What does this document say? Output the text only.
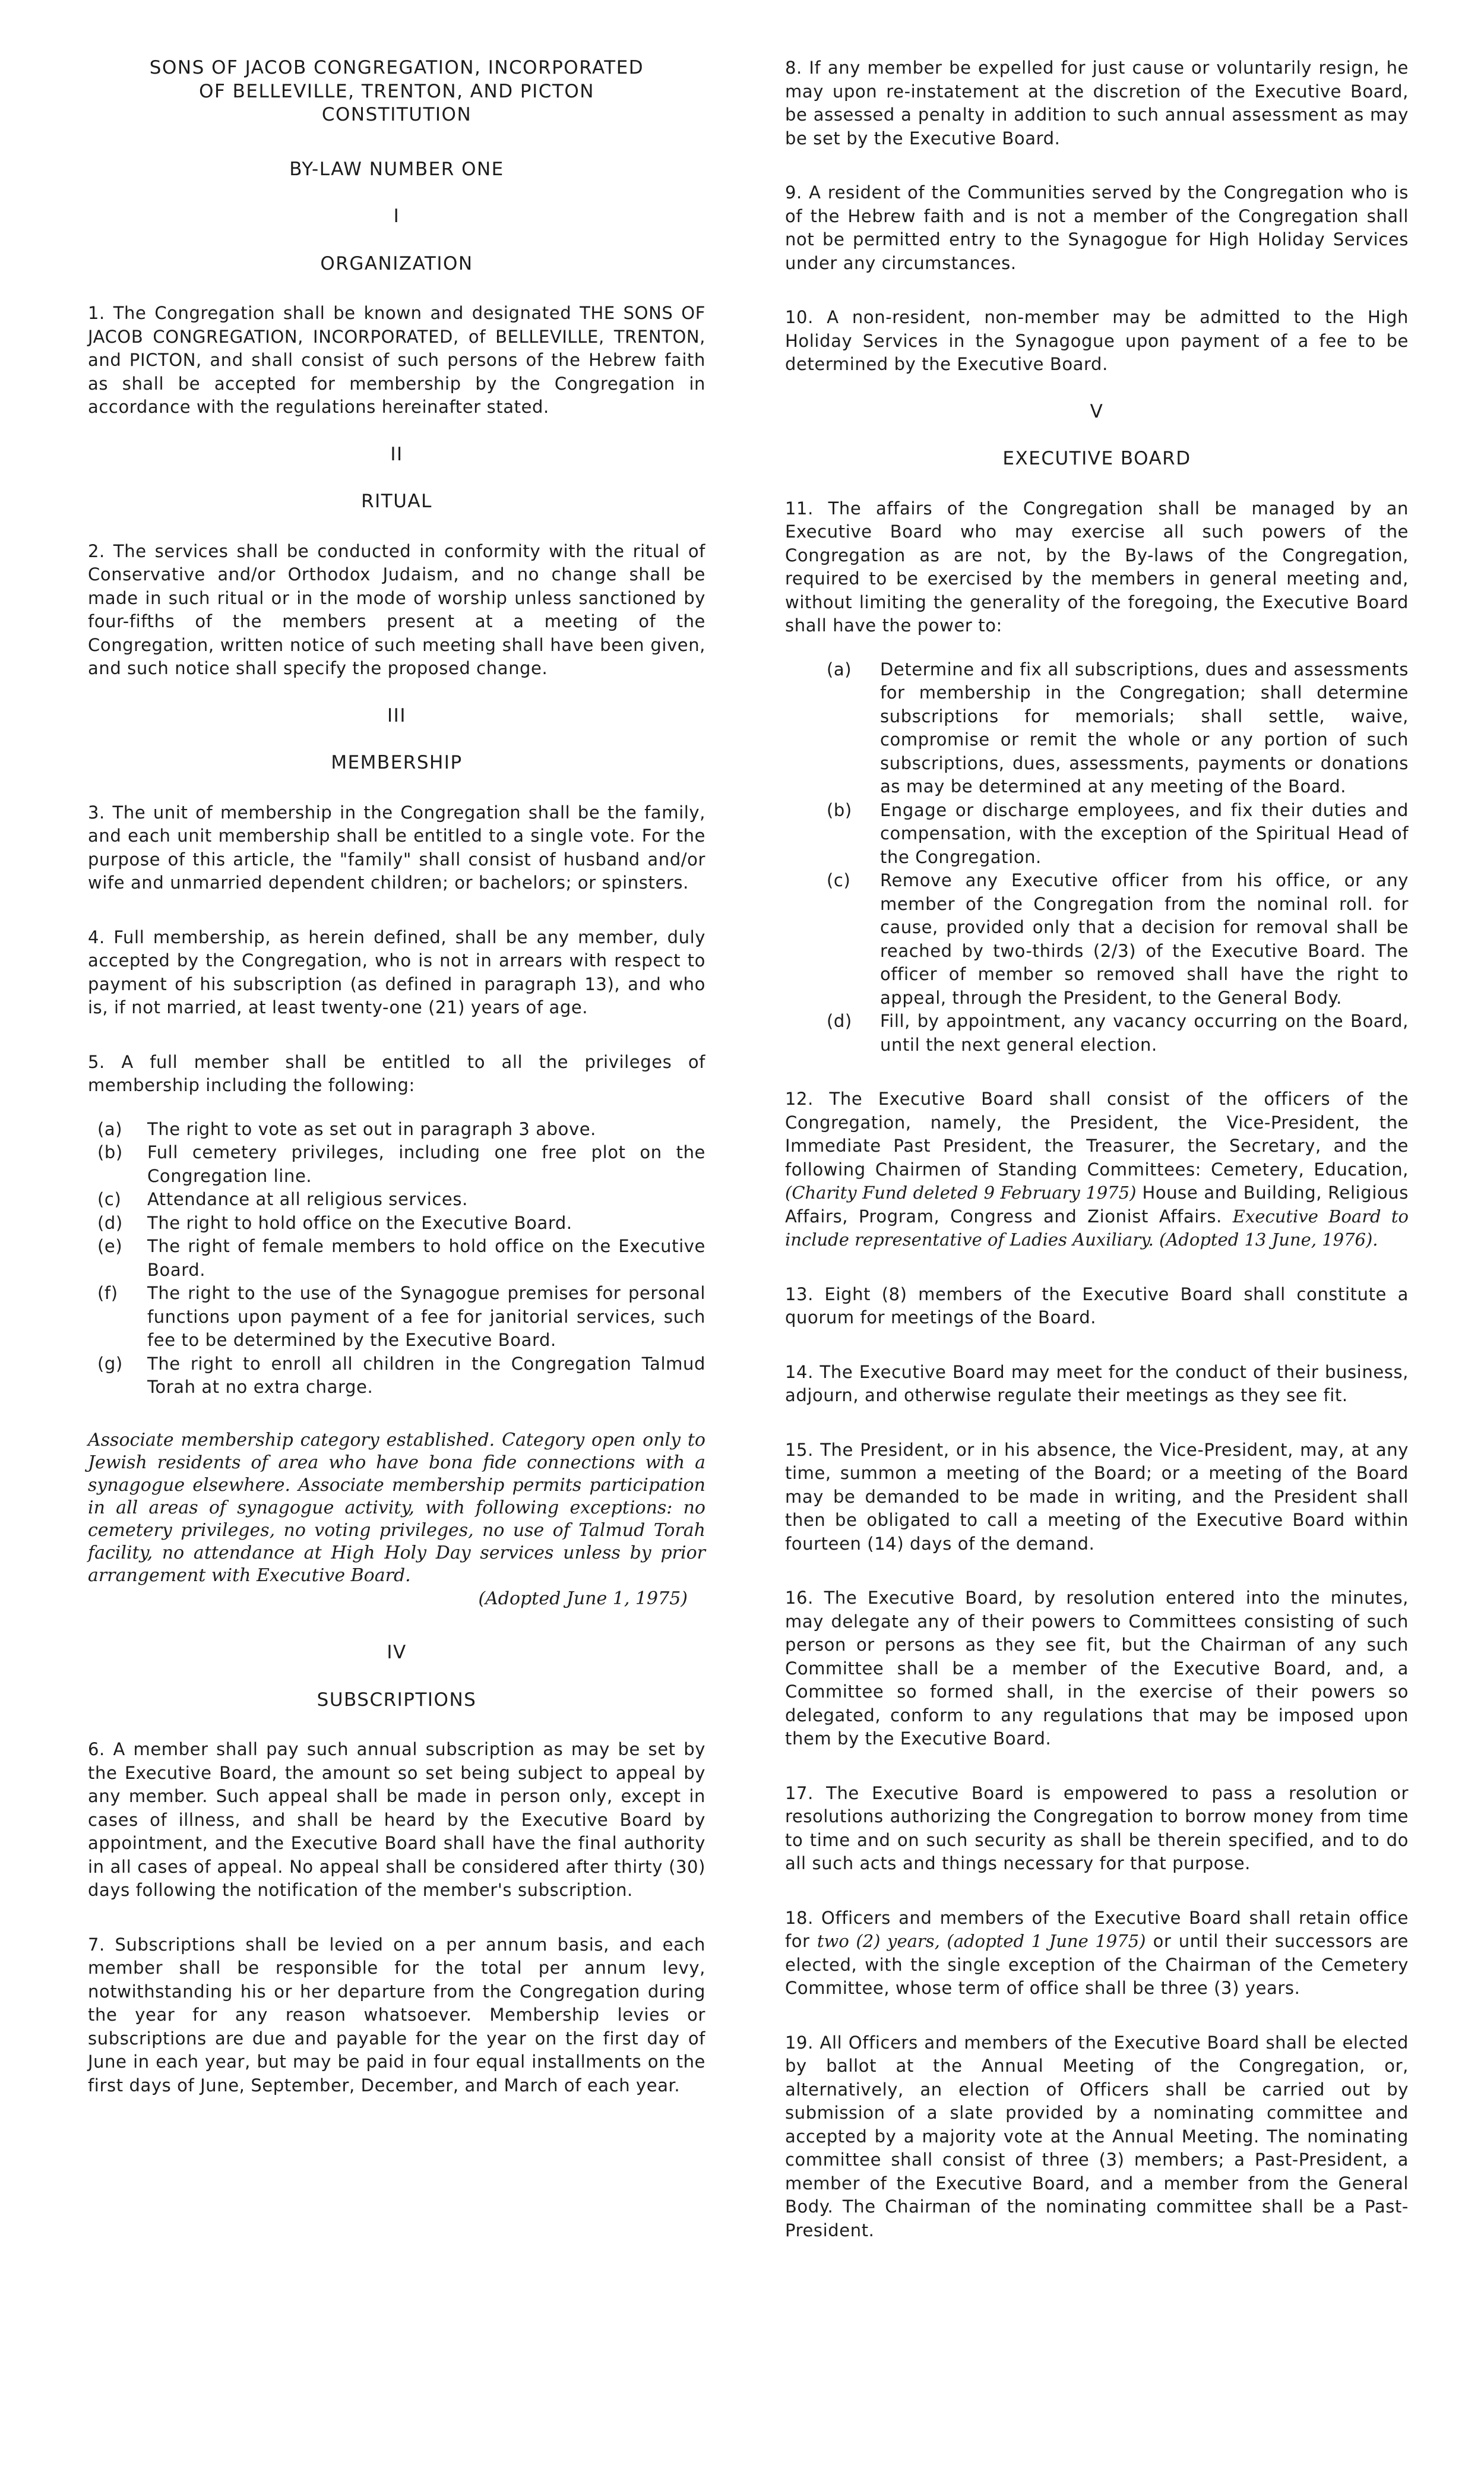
SONS OF JACOB CONGREGATION, INCORPORATED
OF BELLEVILLE, TRENTON, AND PICTON
CONSTITUTION
BY-LAW NUMBER ONE
I
ORGANIZATION
1. The Congregation shall be known and designated THE SONS OF JACOB CONGREGATION, INCORPORATED, of BELLEVILLE, TRENTON, and PICTON, and shall consist of such persons of the Hebrew faith as shall be accepted for membership by the Congregation in accordance with the regulations hereinafter stated.
II
RITUAL
2. The services shall be conducted in conformity with the ritual of Conservative and/or Orthodox Judaism, and no change shall be made in such ritual or in the mode of worship unless sanctioned by four-fifths of the members present at a meeting of the Congregation, written notice of such meeting shall have been given, and such notice shall specify the proposed change.
III
MEMBERSHIP
3. The unit of membership in the Congregation shall be the family, and each unit membership shall be entitled to a single vote. For the purpose of this article, the "family" shall consist of husband and/or wife and unmarried dependent children; or bachelors; or spinsters.
4. Full membership, as herein defined, shall be any member, duly accepted by the Congregation, who is not in arrears with respect to payment of his subscription (as defined in paragraph 13), and who is, if not married, at least twenty-one (21) years of age.
5. A full member shall be entitled to all the privileges of membership including the following:
(a)	The right to vote as set out in paragraph 3 above.
(b)	Full cemetery privileges, including one free plot on the Congregation line.
(c)	Attendance at all religious services.
(d)	The right to hold office on the Executive Board.
(e)	The right of female members to hold office on the Executive Board.
(f)	The right to the use of the Synagogue premises for personal functions upon payment of a fee for janitorial services, such fee to be determined by the Executive Board.
(g)	The right to enroll all children in the Congregation Talmud Torah at no extra charge.
Associate membership category established. Category open only to Jewish residents of area who have bona fide connections with a synagogue elsewhere. Associate membership permits participation in all areas of synagogue activity, with following exceptions: no cemetery privileges, no voting privileges, no use of Talmud Torah facility, no attendance at High Holy Day services unless by prior arrangement with Executive Board.
(Adopted June 1, 1975)
IV
SUBSCRIPTIONS
6. A member shall pay such annual subscription as may be set by the Executive Board, the amount so set being subject to appeal by any member. Such appeal shall be made in person only, except in cases of illness, and shall be heard by the Executive Board by appointment, and the Executive Board shall have the final authority in all cases of appeal. No appeal shall be considered after thirty (30) days following the notification of the member's subscription.
7. Subscriptions shall be levied on a per annum basis, and each member shall be responsible for the total per annum levy, notwithstanding his or her departure from the Congregation during the year for any reason whatsoever. Membership levies or subscriptions are due and payable for the year on the first day of June in each year, but may be paid in four equal installments on the first days of June, September, December, and March of each year.
8. If any member be expelled for just cause or voluntarily resign, he may upon re-instatement at the discretion of the Executive Board, be assessed a penalty in addition to such annual assessment as may be set by the Executive Board.
9. A resident of the Communities served by the Congregation who is of the Hebrew faith and is not a member of the Congregation shall not be permitted entry to the Synagogue for High Holiday Services under any circumstances.
10. A non-resident, non-member may be admitted to the High Holiday Services in the Synagogue upon payment of a fee to be determined by the Executive Board.
V
EXECUTIVE BOARD
11. The affairs of the Congregation shall be managed by an Executive Board who may exercise all such powers of the Congregation as are not, by the By-laws of the Congregation, required to be exercised by the members in general meeting and, without limiting the generality of the foregoing, the Executive Board shall have the power to:
(a)	Determine and fix all subscriptions, dues and assessments for membership in the Congregation; shall determine subscriptions for memorials; shall settle, waive, compromise or remit the whole or any portion of such subscriptions, dues, assessments, payments or donations as may be determined at any meeting of the Board.
(b)	Engage or discharge employees, and fix their duties and compensation, with the exception of the Spiritual Head of the Congregation.
(c)	Remove any Executive officer from his office, or any member of the Congregation from the nominal roll. for cause, provided only that a decision for removal shall be reached by two-thirds (2/3) of the Executive Board. The officer of member so removed shall have the right to appeal, through the President, to the General Body.
(d)	Fill, by appointment, any vacancy occurring on the Board, until the next general election.
12. The Executive Board shall consist of the officers of the Congregation, namely, the President, the Vice-President, the Immediate Past President, the Treasurer, the Secretary, and the following Chairmen of Standing Committees: Cemetery, Education, (Charity Fund deleted 9 February 1975) House and Building, Religious Affairs, Program, Congress and Zionist Affairs. Executive Board to include representative of Ladies Auxiliary. (Adopted 13 June, 1976).
13. Eight (8) members of the Executive Board shall constitute a quorum for meetings of the Board.
14. The Executive Board may meet for the conduct of their business, adjourn, and otherwise regulate their meetings as they see fit.
15. The President, or in his absence, the Vice-President, may, at any time, summon a meeting of the Board; or a meeting of the Board may be demanded to be made in writing, and the President shall then be obligated to call a meeting of the Executive Board within fourteen (14) days of the demand.
16. The Executive Board, by resolution entered into the minutes, may delegate any of their powers to Committees consisting of such person or persons as they see fit, but the Chairman of any such Committee shall be a member of the Executive Board, and, a Committee so formed shall, in the exercise of their powers so delegated, conform to any regulations that may be imposed upon them by the Executive Board.
17. The Executive Board is empowered to pass a resolution or resolutions authorizing the Congregation to borrow money from time to time and on such security as shall be therein specified, and to do all such acts and things necessary for that purpose.
18. Officers and members of the Executive Board shall retain office for two (2) years, (adopted 1 June 1975) or until their successors are elected, with the single exception of the Chairman of the Cemetery Committee, whose term of office shall be three (3) years.
19. All Officers and members of the Executive Board shall be elected by ballot at the Annual Meeting of the Congregation, or, alternatively, an election of Officers shall be carried out by submission of a slate provided by a nominating committee and accepted by a majority vote at the Annual Meeting. The nominating committee shall consist of three (3) members; a Past-President, a member of the Executive Board, and a member from the General Body. The Chairman of the nominating committee shall be a Past-President.
